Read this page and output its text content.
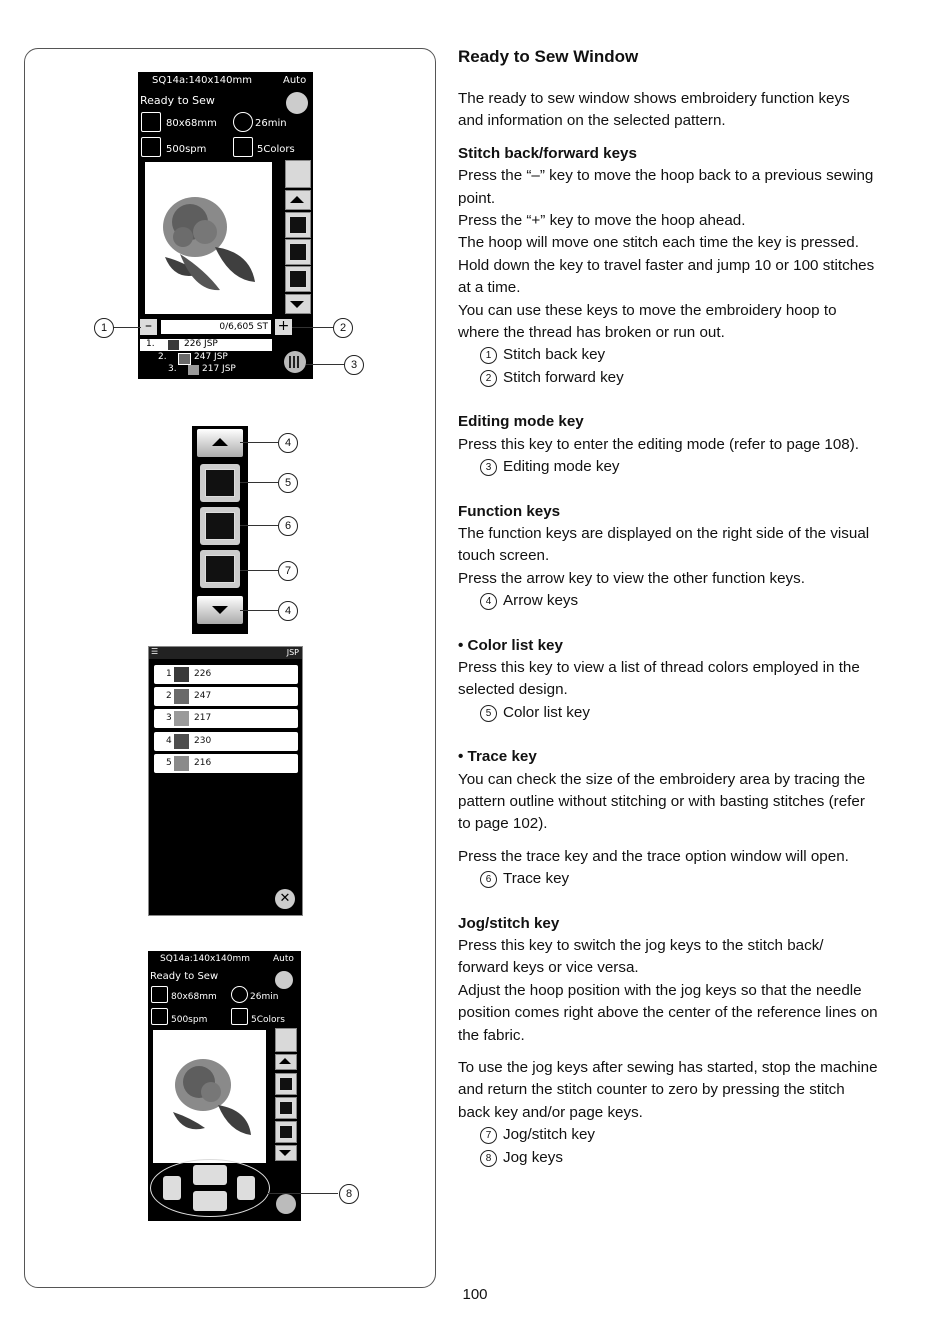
SQ14a:140x140mm	Auto
Ready to Sew
80x68mm	26min
500spm	5Colors
–	0/6,605 ST +
1.	226 JSP
2.	247 JSP
3.	217 JSP
1	2
3
4
5
6
7
4
☰	JSP
1 226
2 247
3 217
4 230
5 216
✕
SQ14a:140x140mm	Auto
Ready to Sew
80x68mm	26min
500spm	5Colors
8
Ready to Sew Window

The ready to sew window shows embroidery function keys and information on the selected pattern.

Stitch back/forward keys

Press the “–” key to move the hoop back to a previous sewing point.

Press the “+” key to move the hoop ahead.

The hoop will move one stitch each time the key is pressed. Hold down the key to travel faster and jump 10 or 100 stitches at a time.

You can use these keys to move the embroidery hoop to where the thread has broken or run out.

1 Stitch back key
2 Stitch forward key
Editing mode key

Press this key to enter the editing mode (refer to page 108).

3 Editing mode key
Function keys

The function keys are displayed on the right side of the visual touch screen.

Press the arrow key to view the other function keys.

4 Arrow keys
• Color list key

Press this key to view a list of thread colors employed in the selected design.

5 Color list key
• Trace key

You can check the size of the embroidery area by tracing the pattern outline without stitching or with basting stitches (refer to page 102).

Press the trace key and the trace option window will open.

6 Trace key
Jog/stitch key

Press this key to switch the jog keys to the stitch back/ forward keys or vice versa.

Adjust the hoop position with the jog keys so that the needle position comes right above the center of the reference lines on the fabric.

To use the jog keys after sewing has started, stop the machine and return the stitch counter to zero by pressing the stitch back key and/or page keys.

7 Jog/stitch key
8 Jog keys
100
